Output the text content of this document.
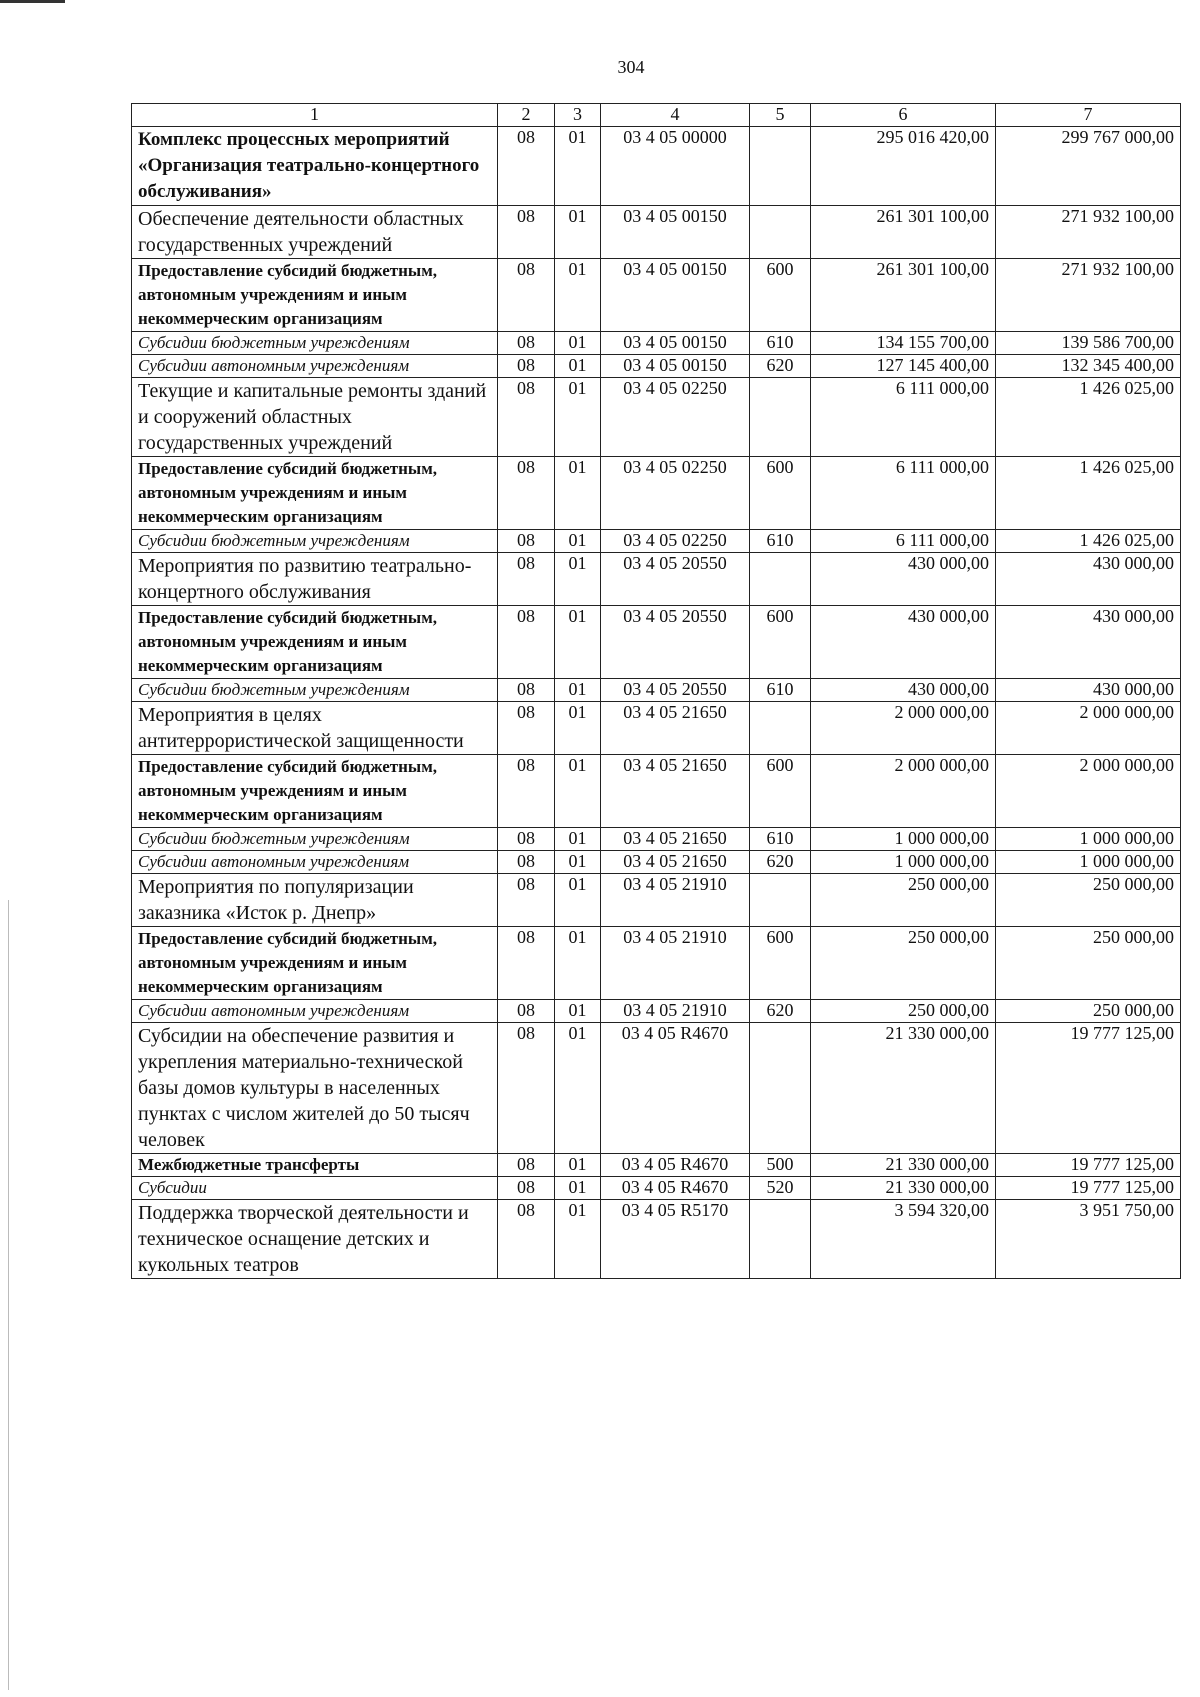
304
1	2	3	4	5	6	7
Комплекс процессных мероприятий «Организация театрально-концертного обслуживания»	08	01	03 4 05 00000		295 016 420,00	299 767 000,00
Обеспечение деятельности областных государственных учреждений	08	01	03 4 05 00150		261 301 100,00	271 932 100,00
Предоставление субсидий бюджетным, автономным учреждениям и иным некоммерческим организациям	08	01	03 4 05 00150	600	261 301 100,00	271 932 100,00
Субсидии бюджетным учреждениям	08	01	03 4 05 00150	610	134 155 700,00	139 586 700,00
Субсидии автономным учреждениям	08	01	03 4 05 00150	620	127 145 400,00	132 345 400,00
Текущие и капитальные ремонты зданий и сооружений областных государственных учреждений	08	01	03 4 05 02250		6 111 000,00	1 426 025,00
Предоставление субсидий бюджетным, автономным учреждениям и иным некоммерческим организациям	08	01	03 4 05 02250	600	6 111 000,00	1 426 025,00
Субсидии бюджетным учреждениям	08	01	03 4 05 02250	610	6 111 000,00	1 426 025,00
Мероприятия по развитию театрально-концертного обслуживания	08	01	03 4 05 20550		430 000,00	430 000,00
Предоставление субсидий бюджетным, автономным учреждениям и иным некоммерческим организациям	08	01	03 4 05 20550	600	430 000,00	430 000,00
Субсидии бюджетным учреждениям	08	01	03 4 05 20550	610	430 000,00	430 000,00
Мероприятия в целях антитеррористической защищенности	08	01	03 4 05 21650		2 000 000,00	2 000 000,00
Предоставление субсидий бюджетным, автономным учреждениям и иным некоммерческим организациям	08	01	03 4 05 21650	600	2 000 000,00	2 000 000,00
Субсидии бюджетным учреждениям	08	01	03 4 05 21650	610	1 000 000,00	1 000 000,00
Субсидии автономным учреждениям	08	01	03 4 05 21650	620	1 000 000,00	1 000 000,00
Мероприятия по популяризации заказника «Исток р. Днепр»	08	01	03 4 05 21910		250 000,00	250 000,00
Предоставление субсидий бюджетным, автономным учреждениям и иным некоммерческим организациям	08	01	03 4 05 21910	600	250 000,00	250 000,00
Субсидии автономным учреждениям	08	01	03 4 05 21910	620	250 000,00	250 000,00
Субсидии на обеспечение развития и укрепления материально-технической базы домов культуры в населенных пунктах с числом жителей до 50 тысяч человек	08	01	03 4 05 R4670		21 330 000,00	19 777 125,00
Межбюджетные трансферты	08	01	03 4 05 R4670	500	21 330 000,00	19 777 125,00
Субсидии	08	01	03 4 05 R4670	520	21 330 000,00	19 777 125,00
Поддержка творческой деятельности и техническое оснащение детских и кукольных театров	08	01	03 4 05 R5170		3 594 320,00	3 951 750,00
